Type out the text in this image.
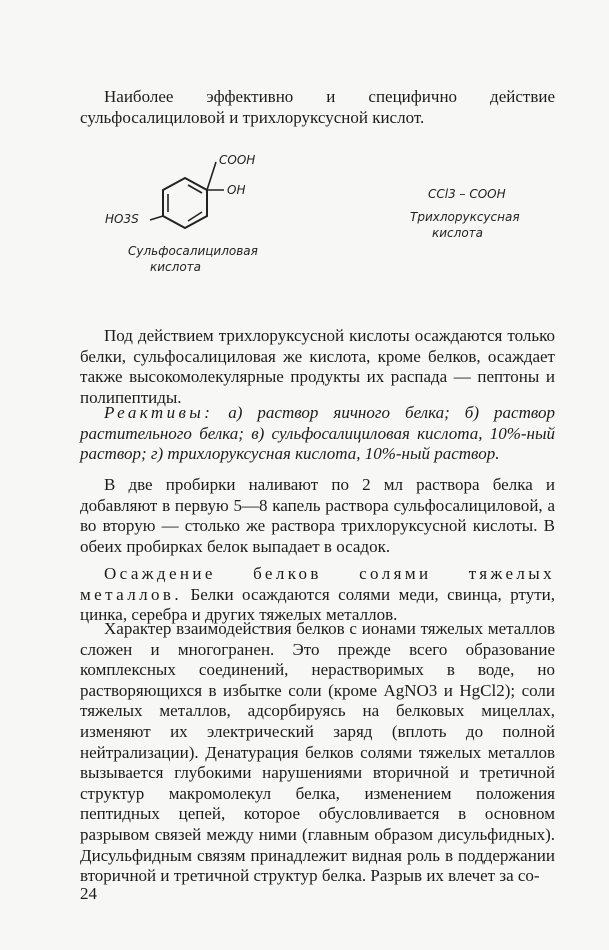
Наиболее эффективно и специфично действие сульфосалициловой и трихлоруксусной кислот.

COOH
OH
HO3S
Сульфосалициловая
кислота
CCl3 – COOH
Трихлоруксусная
кислота

Под действием трихлоруксусной кислоты осаждаются только белки, сульфосалициловая же кислота, кроме белков, осаждает также высокомолекулярные продукты их распада — пептоны и полипептиды.

Реактивы: а) раствор яичного белка; б) раствор растительного белка; в) сульфосалициловая кислота, 10%-ный раствор; г) трихлоруксусная кислота, 10%-ный раствор.

В две пробирки наливают по 2 мл раствора белка и добавляют в первую 5—8 капель раствора сульфосалициловой, а во вторую — столько же раствора трихлоруксусной кислоты. В обеих пробирках белок выпадает в осадок.

Осаждение белков солями тяжелых металлов. Белки осаждаются солями меди, свинца, ртути, цинка, серебра и других тяжелых металлов.

Характер взаимодействия белков с ионами тяжелых металлов сложен и многогранен. Это прежде всего образование комплексных соединений, нерастворимых в воде, но растворяющихся в избытке соли (кроме AgNO3 и HgCl2); соли тяжелых металлов, адсорбируясь на белковых мицеллах, изменяют их электрический заряд (вплоть до полной нейтрализации). Денатурация белков солями тяжелых металлов вызывается глубокими нарушениями вторичной и третичной структур макромолекул белка, изменением положения пептидных цепей, которое обусловливается в основном разрывом связей между ними (главным образом дисульфидных). Дисульфидным связям принадлежит видная роль в поддержании вторичной и третичной структур белка. Разрыв их влечет за со-

24
